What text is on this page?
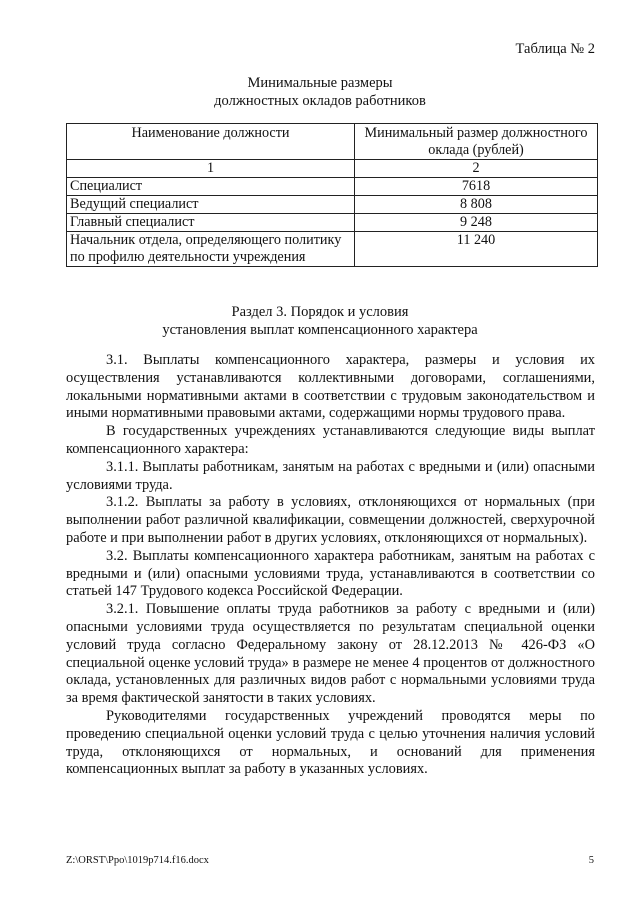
Таблица № 2
Минимальные размеры
должностных окладов работников
Наименование должности	Минимальный размер должностного оклада (рублей)
1	2
Специалист	7618
Ведущий специалист	8 808
Главный специалист	9 248
Начальник отдела, определяющего политику по профилю деятельности учреждения	11 240
Раздел 3. Порядок и условия
установления выплат компенсационного характера

3.1. Выплаты компенсационного характера, размеры и условия их осуществления устанавливаются коллективными договорами, соглашениями, локальными нормативными актами в соответствии с трудовым законодательством и иными нормативными правовыми актами, содержащими нормы трудового права.

В государственных учреждениях устанавливаются следующие виды выплат компенсационного характера:

3.1.1. Выплаты работникам, занятым на работах с вредными и (или) опасными условиями труда.

3.1.2. Выплаты за работу в условиях, отклоняющихся от нормальных (при выполнении работ различной квалификации, совмещении должностей, сверхурочной работе и при выполнении работ в других условиях, отклоняющихся от нормальных).

3.2. Выплаты компенсационного характера работникам, занятым на работах с вредными и (или) опасными условиями труда, устанавливаются в соответствии со статьей 147 Трудового кодекса Российской Федерации.

3.2.1. Повышение оплаты труда работников за работу с вредными и (или) опасными условиями труда осуществляется по результатам специальной оценки условий труда согласно Федеральному закону от 28.12.2013 № 426-ФЗ «О специальной оценке условий труда» в размере не менее 4 процентов от должностного оклада, установленных для различных видов работ с нормальными условиями труда за время фактической занятости в таких условиях.

Руководителями государственных учреждений проводятся меры по проведению специальной оценки условий труда с целью уточнения наличия условий труда, отклоняющихся от нормальных, и оснований для применения компенсационных выплат за работу в указанных условиях.

Z:\ORST\Ppo\1019p714.f16.docx	5
